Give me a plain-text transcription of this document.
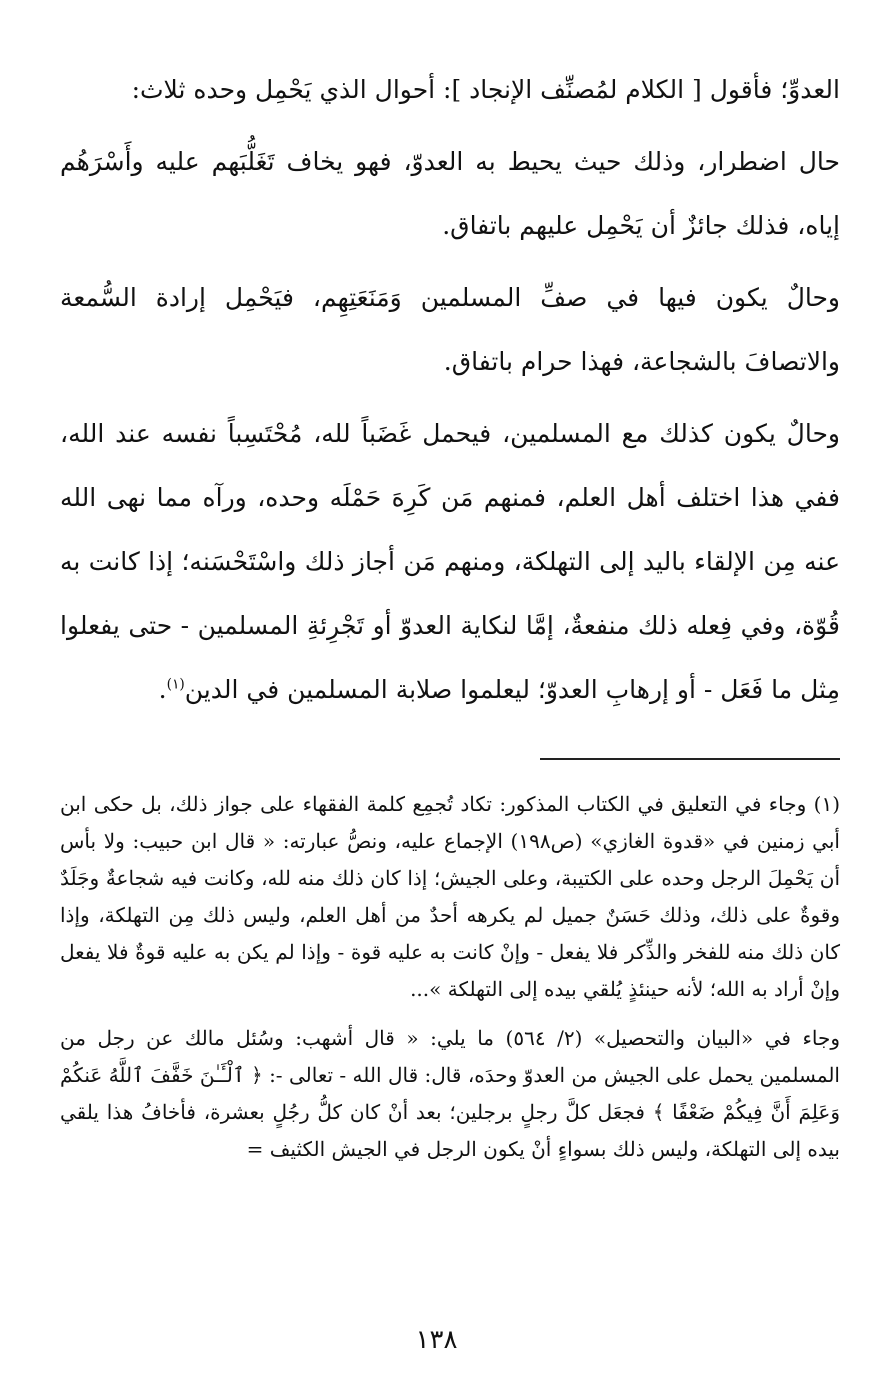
العدوِّ؛ فأقول [ الكلام لمُصنِّف الإنجاد ]: أحوال الذي يَحْمِل وحده ثلاث:

حال اضطرار، وذلك حيث يحيط به العدوّ، فهو يخاف تَغَلُّبَهم عليه وأَسْرَهُم إياه، فذلك جائزٌ أن يَحْمِل عليهم باتفاق.

وحالٌ يكون فيها في صفِّ المسلمين وَمَنَعَتِهِم، فيَحْمِل إرادة السُّمعة والاتصافَ بالشجاعة، فهذا حرام باتفاق.

وحالٌ يكون كذلك مع المسلمين، فيحمل غَضَباً لله، مُحْتَسِباً نفسه عند الله، ففي هذا اختلف أهل العلم، فمنهم مَن كَرِهَ حَمْلَه وحده، ورآه مما نهى الله عنه مِن الإلقاء باليد إلى التهلكة، ومنهم مَن أجاز ذلك واسْتَحْسَنه؛ إذا كانت به قُوّة، وفي فِعله ذلك منفعةٌ، إمَّا لنكاية العدوّ أو تَجْرِئةِ المسلمين - حتى يفعلوا مِثل ما فَعَل - أو إرهابِ العدوّ؛ ليعلموا صلابة المسلمين في الدين$^{(١)}$.

(١) وجاء في التعليق في الكتاب المذكور: تكاد تُجمِع كلمة الفقهاء على جواز ذلك، بل حكى ابن أبي زمنين في «قدوة الغازي» (ص١٩٨) الإجماع عليه، ونصُّ عبارته: « قال ابن حبيب: ولا بأس أن يَحْمِلَ الرجل وحده على الكتيبة، وعلى الجيش؛ إذا كان ذلك منه لله، وكانت فيه شجاعةٌ وجَلَدٌ وقوةٌ على ذلك، وذلك حَسَنٌ جميل لم يكرهه أحدٌ من أهل العلم، وليس ذلك مِن التهلكة، وإذا كان ذلك منه للفخر والذِّكر فلا يفعل - وإنْ كانت به عليه قوة - وإذا لم يكن به عليه قوةٌ فلا يفعل وإنْ أراد به الله؛ لأنه حينئذٍ يُلقي بيده إلى التهلكة »...

وجاء في «البيان والتحصيل» (٢/ ٥٦٤) ما يلي: « قال أشهب: وسُئل مالك عن رجل من المسلمين يحمل على الجيش من العدوّ وحدَه، قال: قال الله - تعالى -: ﴿ ٱلْـَٔـٰنَ خَفَّفَ ٱللَّهُ عَنكُمْ وَعَلِمَ أَنَّ فِيكُمْ ضَعْفًا ﴾ فجعَل كلَّ رجلٍ برجلين؛ بعد أنْ كان كلُّ رجُلٍ بعشرة، فأخافُ هذا يلقي بيده إلى التهلكة، وليس ذلك بسواءٍ أنْ يكون الرجل في الجيش الكثيف =

١٣٨
